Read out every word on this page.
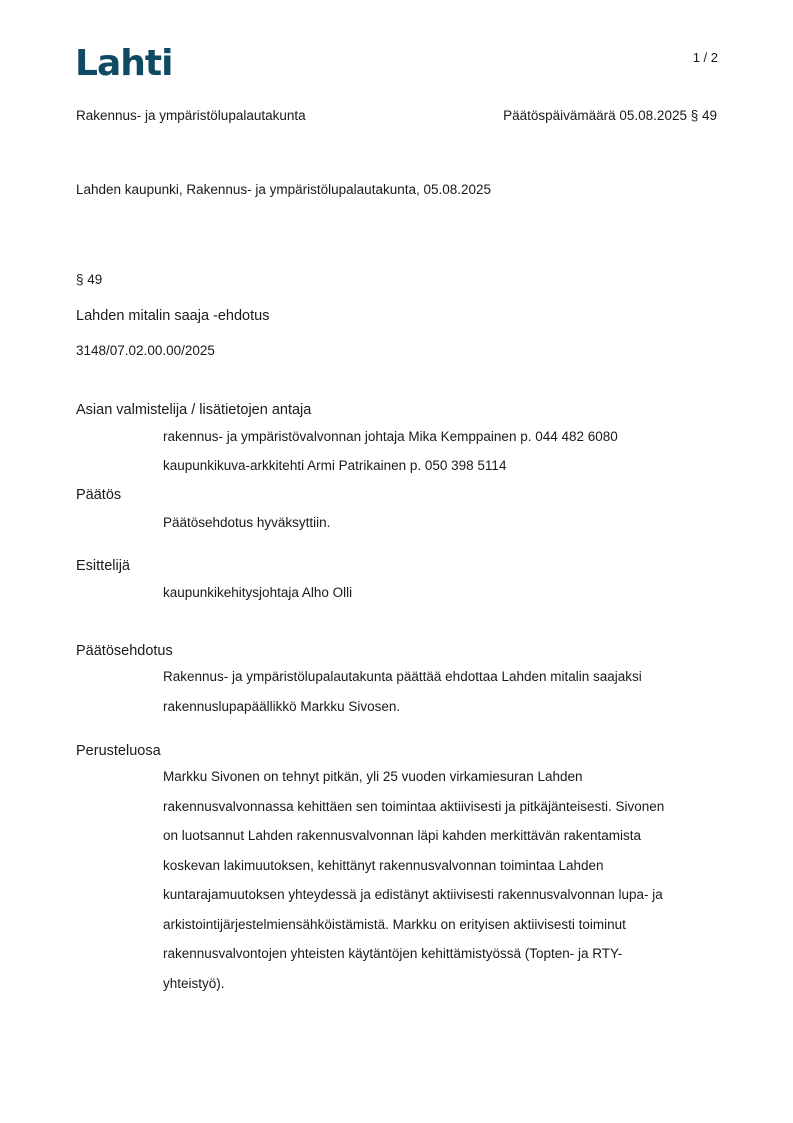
Lahti	1 / 2
Rakennus- ja ympäristölupalautakunta	Päätöspäivämäärä 05.08.2025 § 49
Lahden kaupunki, Rakennus- ja ympäristölupalautakunta, 05.08.2025
§ 49
Lahden mitalin saaja -ehdotus
3148/07.02.00.00/2025
Asian valmistelija / lisätietojen antaja
rakennus- ja ympäristövalvonnan johtaja Mika Kemppainen p. 044 482 6080
kaupunkikuva-arkkitehti Armi Patrikainen p. 050 398 5114
Päätös
Päätösehdotus hyväksyttiin.
Esittelijä
kaupunkikehitysjohtaja Alho Olli
Päätösehdotus
Rakennus- ja ympäristölupalautakunta päättää ehdottaa Lahden mitalin saajaksi
rakennuslupapäällikkö Markku Sivosen.
Perusteluosa
Markku Sivonen on tehnyt pitkän, yli 25 vuoden virkamiesuran Lahden
rakennusvalvonnassa kehittäen sen toimintaa aktiivisesti ja pitkäjänteisesti. Sivonen
on luotsannut Lahden rakennusvalvonnan läpi kahden merkittävän rakentamista
koskevan lakimuutoksen, kehittänyt rakennusvalvonnan toimintaa Lahden
kuntarajamuutoksen yhteydessä ja edistänyt aktiivisesti rakennusvalvonnan lupa- ja
arkistointijärjestelmiensähköistämistä. Markku on erityisen aktiivisesti toiminut
rakennusvalvontojen yhteisten käytäntöjen kehittämistyössä (Topten- ja RTY-
yhteistyö).
